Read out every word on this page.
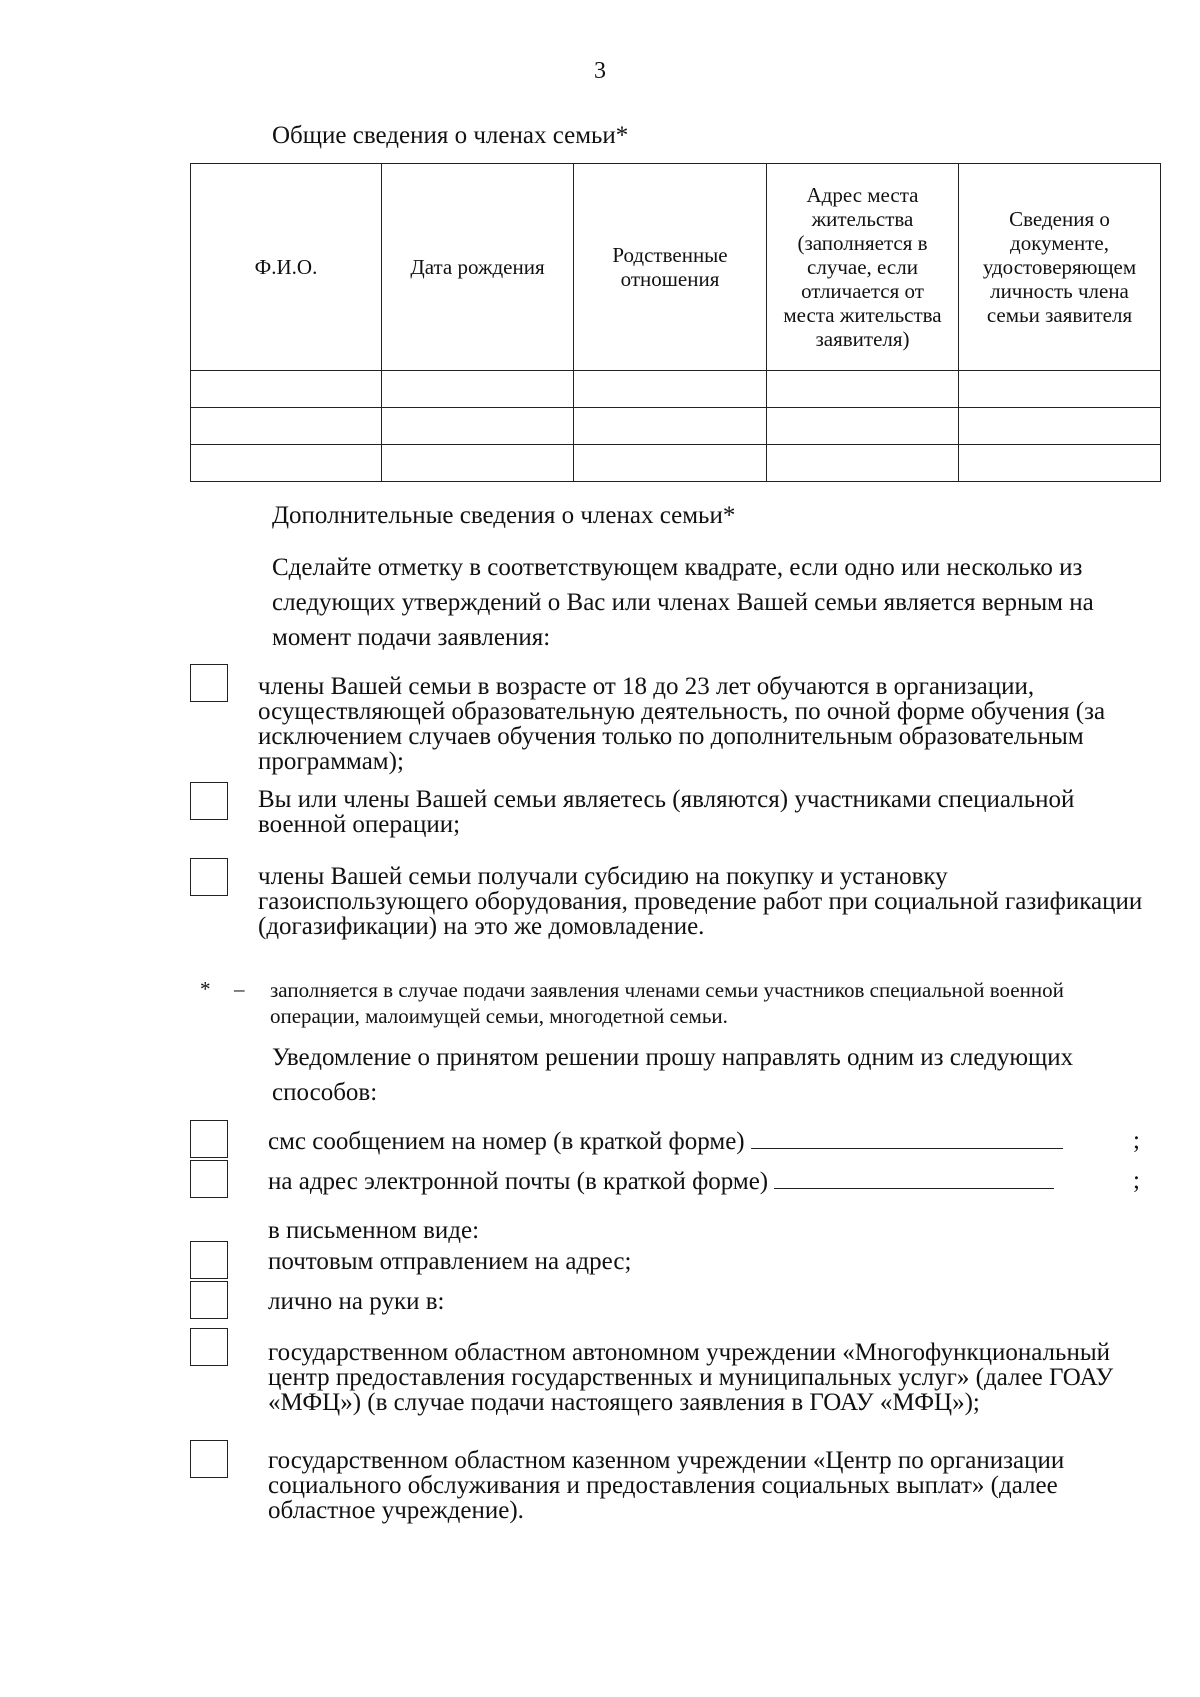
3
Общие сведения о членах семьи*
Ф.И.О.	Дата рождения	Родственные отношения	Адрес места жительства (заполняется в случае, если отличается от места жительства заявителя)	Сведения о документе, удостоверяющем личность члена семьи заявителя

Дополнительные сведения о членах семьи*
Сделайте отметку в соответствующем квадрате, если одно или несколько из следующих утверждений о Вас или членах Вашей семьи является верным на момент подачи заявления:
члены Вашей семьи в возрасте от 18 до 23 лет обучаются в организации, осуществляющей образовательную деятельность, по очной форме обучения (за исключением случаев обучения только по дополнительным образовательным программам);
Вы или члены Вашей семьи являетесь (являются) участниками специальной военной операции;
члены Вашей семьи получали субсидию на покупку и установку газоиспользующего оборудования, проведение работ при социальной газификации (догазификации) на это же домовладение.
* – заполняется в случае подачи заявления членами семьи участников специальной военной операции, малоимущей семьи, многодетной семьи.
Уведомление о принятом решении прошу направлять одним из следующих способов:
смс сообщением на номер (в краткой форме)	;
на адрес электронной почты (в краткой форме)	;
в письменном виде:
почтовым отправлением на адрес;
лично на руки в:
государственном областном автономном учреждении «Многофункциональный центр предоставления государственных и муниципальных услуг» (далее ГОАУ «МФЦ») (в случае подачи настоящего заявления в ГОАУ «МФЦ»);
государственном областном казенном учреждении «Центр по организации социального обслуживания и предоставления социальных выплат» (далее областное учреждение).
